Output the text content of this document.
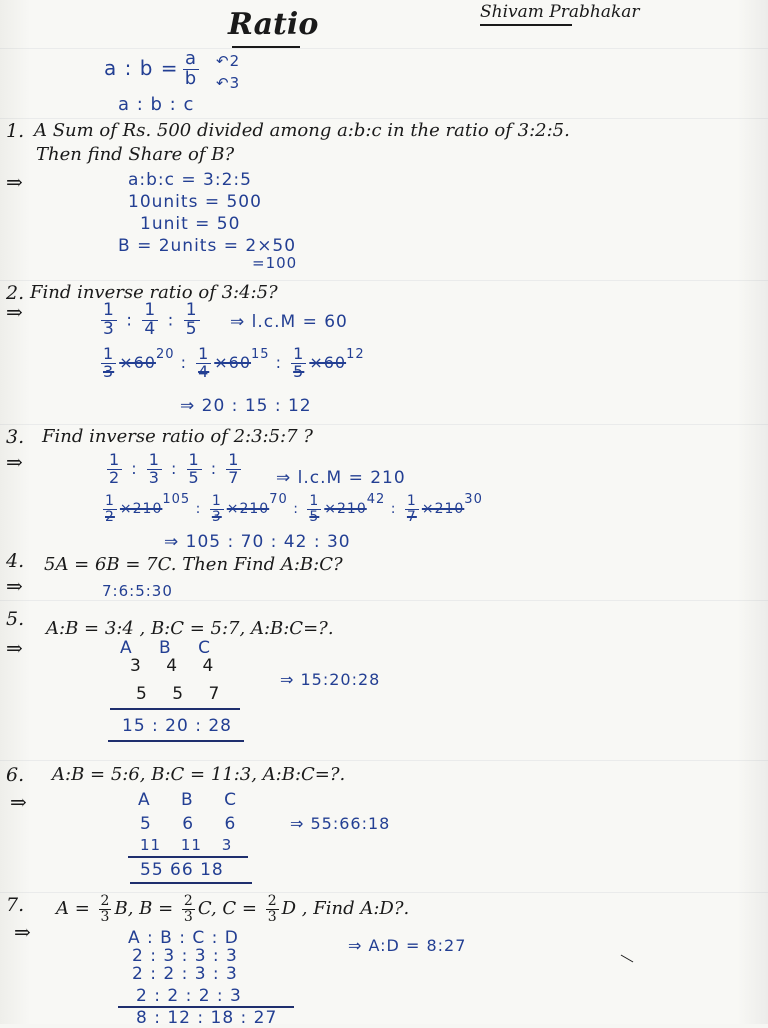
Ratio	Shivam Prabhakar
a : $b = \frac{a}{b}$ ↶2
↶3
a : b : c
1. A Sum of Rs. 500 divided among a:b:c in the ratio of 3:2:5.
Then find Share of B?
⇒	a:b:c = 3:2:5
10units = 500
1unit = 50
B = 2units = 2×50
=100
2. Find inverse ratio of 3:4:5?
⇒	$\frac{1}{3}$ : $\frac{1}{4}$ : $\frac{1}{5}$ ⇒ l.c.M = 60
$\frac{1}{3} \times 60^{20}$ : $\frac{1}{4} \times 60^{15}$ : $\frac{1}{5} \times 60^{12}$
⇒ 20 : 15 : 12
3. Find inverse ratio of 2:3:5:7 ?
⇒	$\frac{1}{2}$ : $\frac{1}{3}$ : $\frac{1}{5}$ : $\frac{1}{7}$ ⇒ l.c.M = 210
$\frac{1}{2} \times 210105$ : $\frac{1}{3} \times 21070$ : $\frac{1}{5} \times 21042$ : $\frac{1}{7} \times 21030$
⇒ 105 : 70 : 42 : 30
4. 5A = 6B = 7C. Then Find A:B:C?
⇒	7:6:5:30
5. A:B = 3:4 , B:C = 5:7, A:B:C=?.
⇒	A B C
3 4 4
5 5 7
15 : 20 : 28
⇒ 15:20:28
6. A:B = 5:6, B:C = 11:3, A:B:C=?.
⇒	A B C
5 6 6
11 11 3
55 66 18
⇒ 55:66:18
7. $A = \frac{2}{3} B$, $B = \frac{2}{3} C$, $C = \frac{2}{3}$ D , Find A:D?.
⇒	A : B : C : D
2 : 3 : 3 : 3
2 : 2 : 3 : 3
2 : 2 : 2 : 3
8 : 12 : 18 : 27
⇒ A:D = 8:27
